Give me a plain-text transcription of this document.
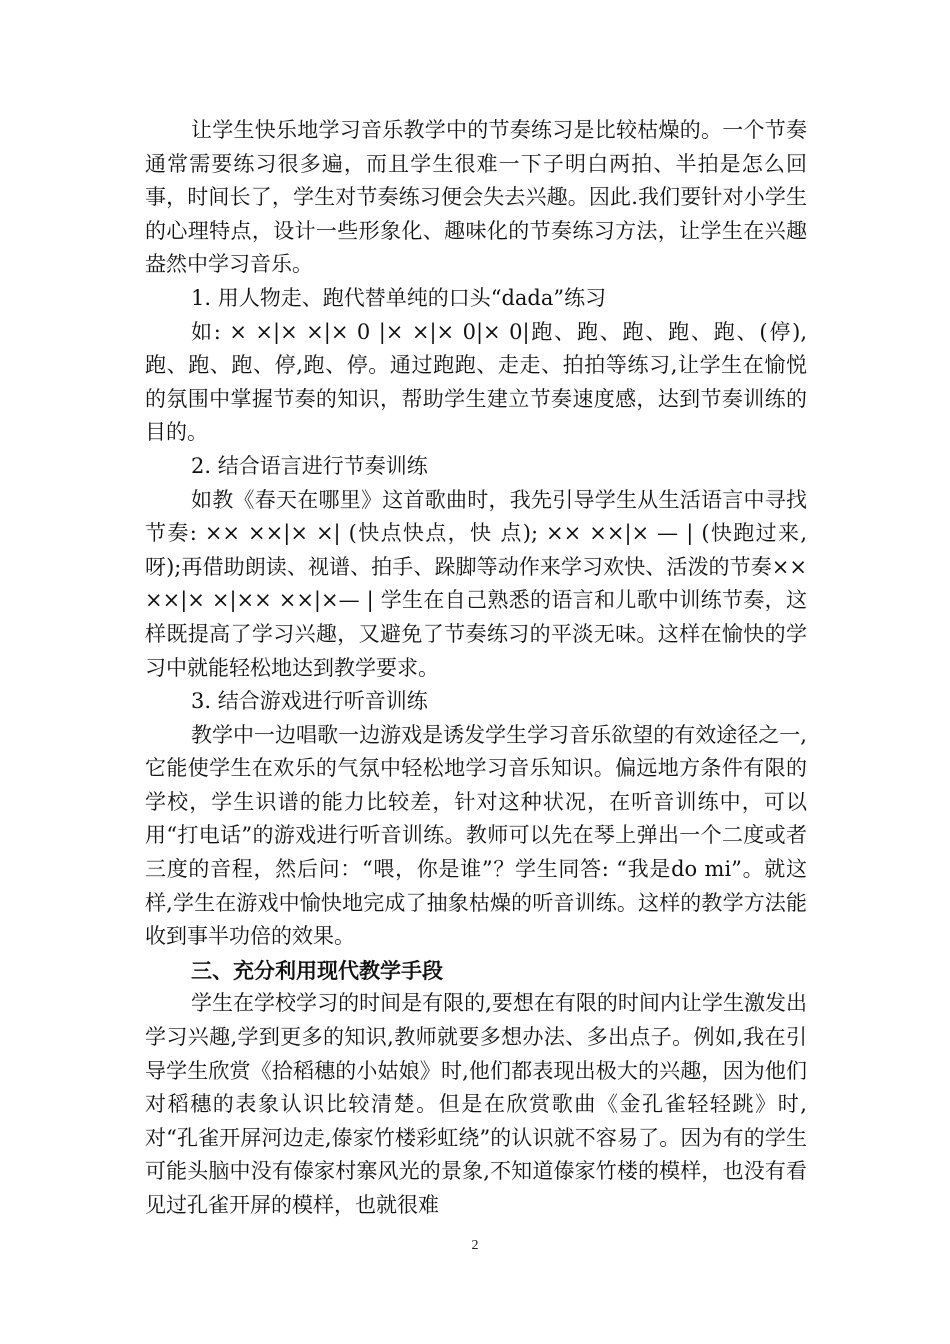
让学生快乐地学习音乐教学中的节奏练习是比较枯燥的。一个节奏通常需要练习很多遍，而且学生很难一下子明白两拍、半拍是怎么回事，时间长了，学生对节奏练习便会失去兴趣。因此.我们要针对小学生的心理特点，设计一些形象化、趣味化的节奏练习方法，让学生在兴趣盎然中学习音乐。

1. 用人物走、跑代替单纯的口头“dada”练习

如: × ×|× ×|× 0 |× ×|× 0|× 0|跑、跑、跑、跑、跑、(停),跑、跑、跑、停,跑、停。通过跑跑、走走、拍拍等练习,让学生在愉悦的氛围中掌握节奏的知识，帮助学生建立节奏速度感，达到节奏训练的目的。

2. 结合语言进行节奏训练

如教《春天在哪里》这首歌曲时，我先引导学生从生活语言中寻找节奏: ×× ××|× ×| (快点快点，快 点); ×× ××|× — | (快跑过来,呀);再借助朗读、视谱、拍手、跺脚等动作来学习欢快、活泼的节奏×× ××|× ×|×× ××|×— | 学生在自己熟悉的语言和儿歌中训练节奏，这样既提高了学习兴趣，又避免了节奏练习的平淡无味。这样在愉快的学习中就能轻松地达到教学要求。

3. 结合游戏进行听音训练

教学中一边唱歌一边游戏是诱发学生学习音乐欲望的有效途径之一,它能使学生在欢乐的气氛中轻松地学习音乐知识。偏远地方条件有限的学校，学生识谱的能力比较差，针对这种状况，在听音训练中，可以用“打电话”的游戏进行听音训练。教师可以先在琴上弹出一个二度或者三度的音程，然后问：“喂，你是谁”？学生同答: “我是do mi”。就这样,学生在游戏中愉快地完成了抽象枯燥的听音训练。这样的教学方法能收到事半功倍的效果。

三、充分利用现代教学手段

学生在学校学习的时间是有限的,要想在有限的时间内让学生激发出学习兴趣,学到更多的知识,教师就要多想办法、多出点子。例如,我在引导学生欣赏《拾稻穗的小姑娘》时,他们都表现出极大的兴趣，因为他们对稻穗的表象认识比较清楚。但是在欣赏歌曲《金孔雀轻轻跳》时,对“孔雀开屏河边走,傣家竹楼彩虹绕”的认识就不容易了。因为有的学生可能头脑中没有傣家村寨风光的景象,不知道傣家竹楼的模样，也没有看见过孔雀开屏的模样，也就很难

2
